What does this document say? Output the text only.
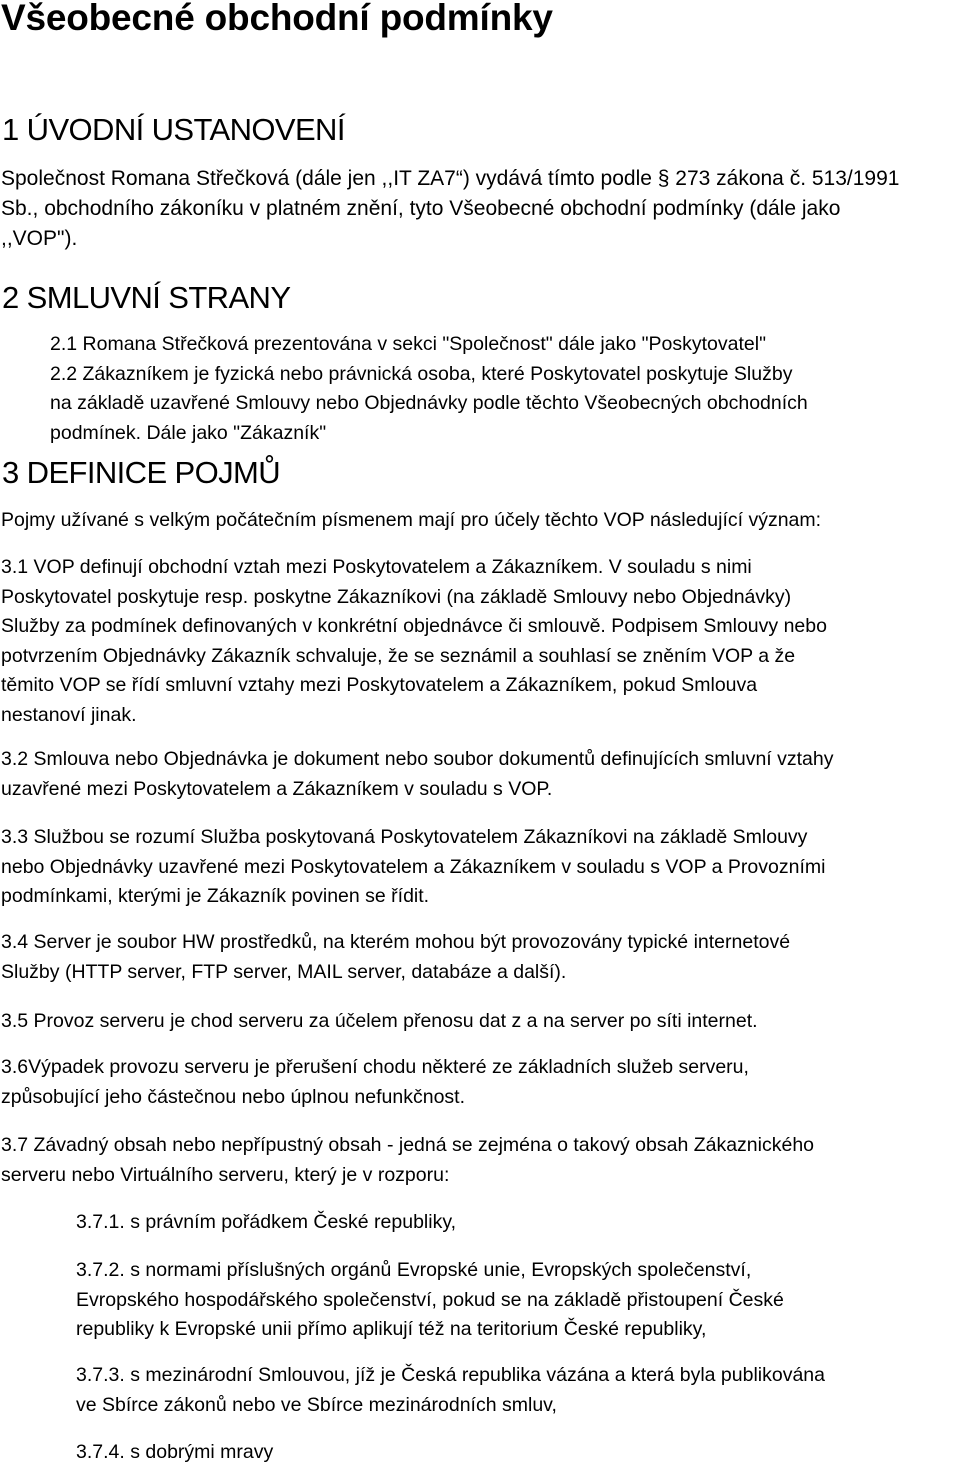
Všeobecné obchodní podmínky
1 ÚVODNÍ USTANOVENÍ

Společnost Romana Střečková (dále jen ,,IT ZA7“) vydává tímto podle § 273 zákona č. 513/1991
Sb., obchodního zákoníku v platném znění, tyto Všeobecné obchodní podmínky (dále jako
,,VOP").

2 SMLUVNÍ STRANY

2.1 Romana Střečková prezentována v sekci "Společnost" dále jako "Poskytovatel"
2.2 Zákazníkem je fyzická nebo právnická osoba, které Poskytovatel poskytuje Služby
na základě uzavřené Smlouvy nebo Objednávky podle těchto Všeobecných obchodních
podmínek. Dále jako "Zákazník"

3 DEFINICE POJMŮ

Pojmy užívané s velkým počátečním písmenem mají pro účely těchto VOP následující význam:

3.1 VOP definují obchodní vztah mezi Poskytovatelem a Zákazníkem. V souladu s nimi
Poskytovatel poskytuje resp. poskytne Zákazníkovi (na základě Smlouvy nebo Objednávky)
Služby za podmínek definovaných v konkrétní objednávce či smlouvě. Podpisem Smlouvy nebo
potvrzením Objednávky Zákazník schvaluje, že se seznámil a souhlasí se zněním VOP a že
těmito VOP se řídí smluvní vztahy mezi Poskytovatelem a Zákazníkem, pokud Smlouva
nestanoví jinak.

3.2 Smlouva nebo Objednávka je dokument nebo soubor dokumentů definujících smluvní vztahy
uzavřené mezi Poskytovatelem a Zákazníkem v souladu s VOP.

3.3 Službou se rozumí Služba poskytovaná Poskytovatelem Zákazníkovi na základě Smlouvy
nebo Objednávky uzavřené mezi Poskytovatelem a Zákazníkem v souladu s VOP a Provozními
podmínkami, kterými je Zákazník povinen se řídit.

3.4 Server je soubor HW prostředků, na kterém mohou být provozovány typické internetové
Služby (HTTP server, FTP server, MAIL server, databáze a další).

3.5 Provoz serveru je chod serveru za účelem přenosu dat z a na server po síti internet.

3.6Výpadek provozu serveru je přerušení chodu některé ze základních služeb serveru,
způsobující jeho částečnou nebo úplnou nefunkčnost.

3.7 Závadný obsah nebo nepřípustný obsah - jedná se zejména o takový obsah Zákaznického
serveru nebo Virtuálního serveru, který je v rozporu:

3.7.1. s právním pořádkem České republiky,

3.7.2. s normami příslušných orgánů Evropské unie, Evropských společenství,
Evropského hospodářského společenství, pokud se na základě přistoupení České
republiky k Evropské unii přímo aplikují též na teritorium České republiky,

3.7.3. s mezinárodní Smlouvou, jíž je Česká republika vázána a která byla publikována
ve Sbírce zákonů nebo ve Sbírce mezinárodních smluv,

3.7.4. s dobrými mravy
